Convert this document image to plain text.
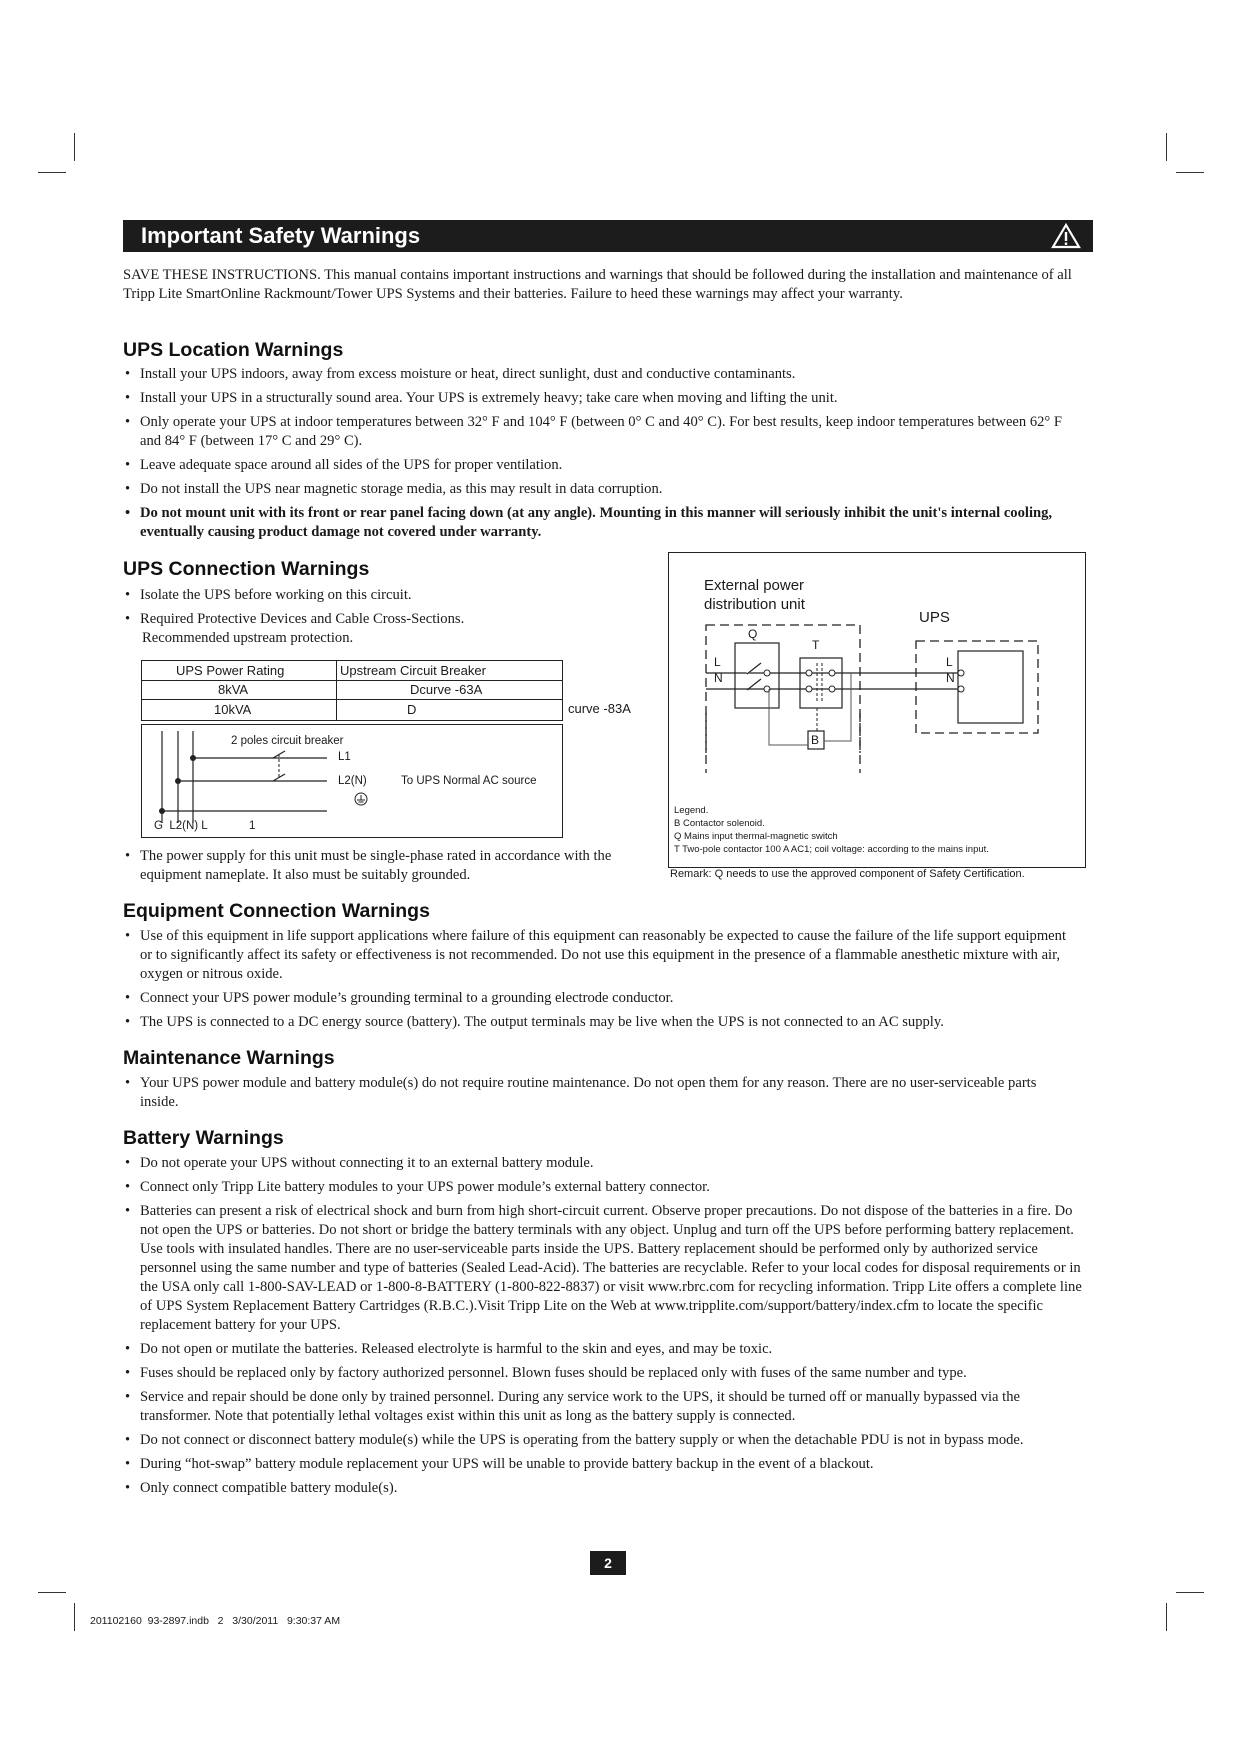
Important Safety Warnings

SAVE THESE INSTRUCTIONS. This manual contains important instructions and warnings that should be followed during the installation and maintenance of all Tripp Lite SmartOnline Rackmount/Tower UPS Systems and their batteries. Failure to heed these warnings may affect your warranty.

UPS Location Warnings
• Install your UPS indoors, away from excess moisture or heat, direct sunlight, dust and conductive contaminants.
• Install your UPS in a structurally sound area. Your UPS is extremely heavy; take care when moving and lifting the unit.
• Only operate your UPS at indoor temperatures between 32° F and 104° F (between 0° C and 40° C). For best results, keep indoor temperatures between 62° F and 84° F (between 17° C and 29° C).
• Leave adequate space around all sides of the UPS for proper ventilation.
• Do not install the UPS near magnetic storage media, as this may result in data corruption.
• Do not mount unit with its front or rear panel facing down (at any angle). Mounting in this manner will seriously inhibit the unit's internal cooling, eventually causing product damage not covered under warranty.
UPS Connection Warnings
• Isolate the UPS before working on this circuit.
• Required Protective Devices and Cable Cross-Sections.
Recommended upstream protection.
UPS Power Rating	Upstream Circuit Breaker
8kVA	Dcurve -63A
10kVA	D	curve -83A
2 poles circuit breaker
L1
L2(N)	To UPS Normal AC source
G  L2(N) L	1
• The power supply for this unit must be single-phase rated in accordance with the equipment nameplate. It also must be suitably grounded.
External power
distribution unit
UPS
Q
T
B
L
N
L
N
Legend.
B Contactor solenoid.
Q Mains input thermal-magnetic switch
T Two-pole contactor 100 A AC1; coil voltage: according to the mains input.
Remark: Q needs to use the approved component of Safety Certification.
Equipment Connection Warnings
• Use of this equipment in life support applications where failure of this equipment can reasonably be expected to cause the failure of the life support equipment or to significantly affect its safety or effectiveness is not recommended. Do not use this equipment in the presence of a flammable anesthetic mixture with air, oxygen or nitrous oxide.
• Connect your UPS power module’s grounding terminal to a grounding electrode conductor.
• The UPS is connected to a DC energy source (battery). The output terminals may be live when the UPS is not connected to an AC supply.
Maintenance Warnings
• Your UPS power module and battery module(s) do not require routine maintenance. Do not open them for any reason. There are no user-serviceable parts inside.
Battery Warnings
• Do not operate your UPS without connecting it to an external battery module.
• Connect only Tripp Lite battery modules to your UPS power module’s external battery connector.
• Batteries can present a risk of electrical shock and burn from high short-circuit current. Observe proper precautions. Do not dispose of the batteries in a fire. Do not open the UPS or batteries. Do not short or bridge the battery terminals with any object. Unplug and turn off the UPS before performing battery replacement. Use tools with insulated handles. There are no user-serviceable parts inside the UPS. Battery replacement should be performed only by authorized service personnel using the same number and type of batteries (Sealed Lead-Acid). The batteries are recyclable. Refer to your local codes for disposal requirements or in the USA only call 1-800-SAV-LEAD or 1-800-8-BATTERY (1-800-822-8837) or visit www.rbrc.com for recycling information. Tripp Lite offers a complete line of UPS System Replacement Battery Cartridges (R.B.C.).Visit Tripp Lite on the Web at www.tripplite.com/support/battery/index.cfm to locate the specific replacement battery for your UPS.
• Do not open or mutilate the batteries. Released electrolyte is harmful to the skin and eyes, and may be toxic.
• Fuses should be replaced only by factory authorized personnel. Blown fuses should be replaced only with fuses of the same number and type.
• Service and repair should be done only by trained personnel. During any service work to the UPS, it should be turned off or manually bypassed via the transformer. Note that potentially lethal voltages exist within this unit as long as the battery supply is connected.
• Do not connect or disconnect battery module(s) while the UPS is operating from the battery supply or when the detachable PDU is not in bypass mode.
• During “hot-swap” battery module replacement your UPS will be unable to provide battery backup in the event of a blackout.
• Only connect compatible battery module(s).
2
201102160  93-2897.indb   2   3/30/2011   9:30:37 AM
